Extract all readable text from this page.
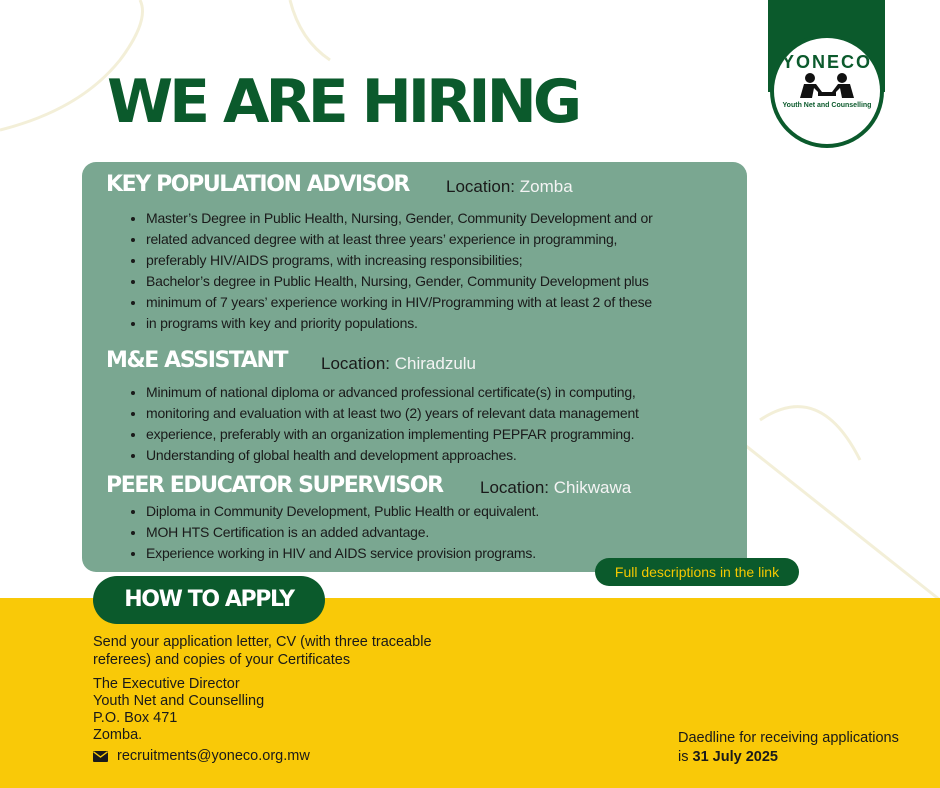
YONECO
Youth Net and Counselling
WE ARE HIRING
KEY POPULATION ADVISOR Location: Zomba
• Master’s Degree in Public Health, Nursing, Gender, Community Development and or
• related advanced degree with at least three years’ experience in programming,
• preferably HIV/AIDS programs, with increasing responsibilities;
• Bachelor’s degree in Public Health, Nursing, Gender, Community Development plus
• minimum of 7 years’ experience working in HIV/Programming with at least 2 of these
• in programs with key and priority populations.
M&E ASSISTANT Location: Chiradzulu
• Minimum of national diploma or advanced professional certificate(s) in computing,
• monitoring and evaluation with at least two (2) years of relevant data management
• experience, preferably with an organization implementing PEPFAR programming.
• Understanding of global health and development approaches.
PEER EDUCATOR SUPERVISOR Location: Chikwawa
• Diploma in Community Development, Public Health or equivalent.
• MOH HTS Certification is an added advantage.
• Experience working in HIV and AIDS service provision programs.
Full descriptions in the link
HOW TO APPLY
Send your application letter, CV (with three traceable referees) and copies of your Certificates
The Executive Director
Youth Net and Counselling
P.O. Box 471
Zomba.
recruitments@yoneco.org.mw
Daedline for receiving applications
is 31 July 2025
